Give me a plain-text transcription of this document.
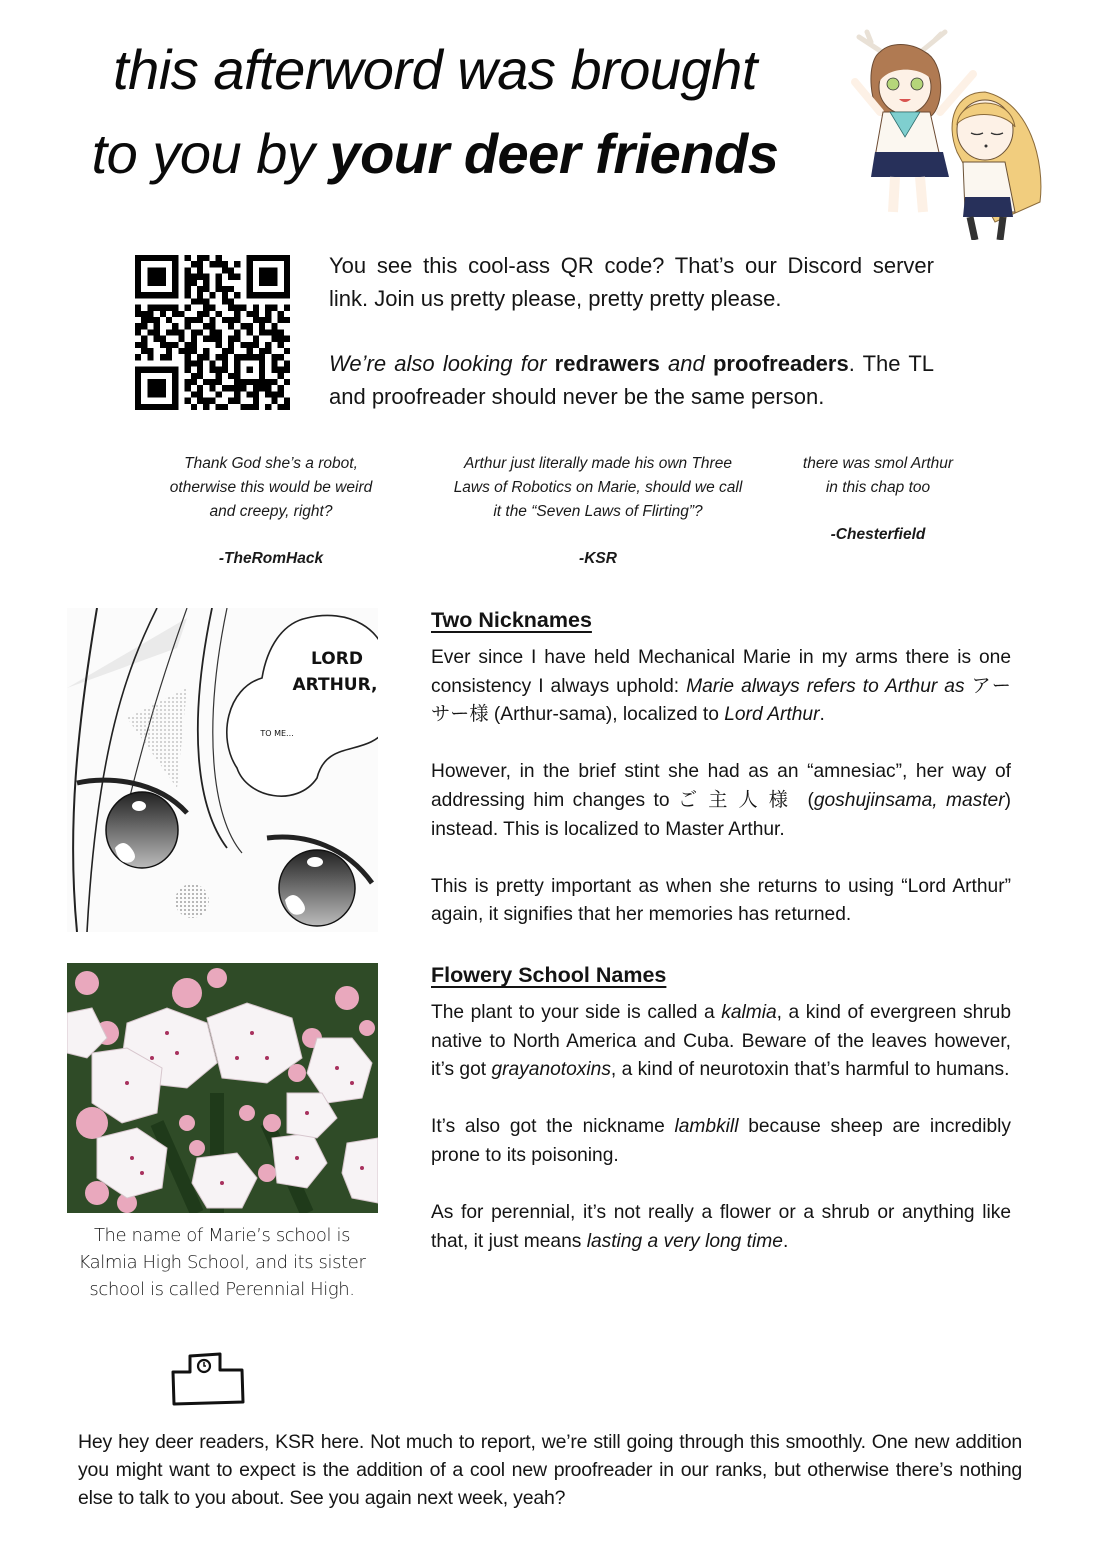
this afterword was brought
to you by your deer friends

You see this cool-ass QR code? That’s our Discord server link. Join us pretty please, pretty pretty please.

We’re also looking for redrawers and proofreaders. The TL and proofreader should never be the same person.

Thank God she’s a robot, otherwise this would be weird and creepy, right?
-TheRomHack
Arthur just literally made his own Three Laws of Robotics on Marie, should we call it the “Seven Laws of Flirting”?
-KSR
there was smol Arthur in this chap too
-Chesterfield
LORD
ARTHUR,
TO ME...
The name of Marie’s school is Kalmia High School, and its sister school is called Perennial High.
Two Nicknames

Ever since I have held Mechanical Marie in my arms there is one consistency I always uphold: Marie always refers to Arthur as アーサー様 (Arthur-sama), localized to Lord Arthur.

However, in the brief stint she had as an “amnesiac”, her way of addressing him changes to ご主人様 (goshujinsama, master) instead. This is localized to Master Arthur.

This is pretty important as when she returns to using “Lord Arthur” again, it signifies that her memories has returned.

Flowery School Names

The plant to your side is called a kalmia, a kind of evergreen shrub native to North America and Cuba. Beware of the leaves however, it’s got grayanotoxins, a kind of neurotoxin that’s harmful to humans.

It’s also got the nickname lambkill because sheep are incredibly prone to its poisoning.

As for perennial, it’s not really a flower or a shrub or anything like that, it just means lasting a very long time.

Hey hey deer readers, KSR here. Not much to report, we’re still going through this smoothly. One new addition you might want to expect is the addition of a cool new proofreader in our ranks, but otherwise there’s nothing else to talk to you about. See you again next week, yeah?
